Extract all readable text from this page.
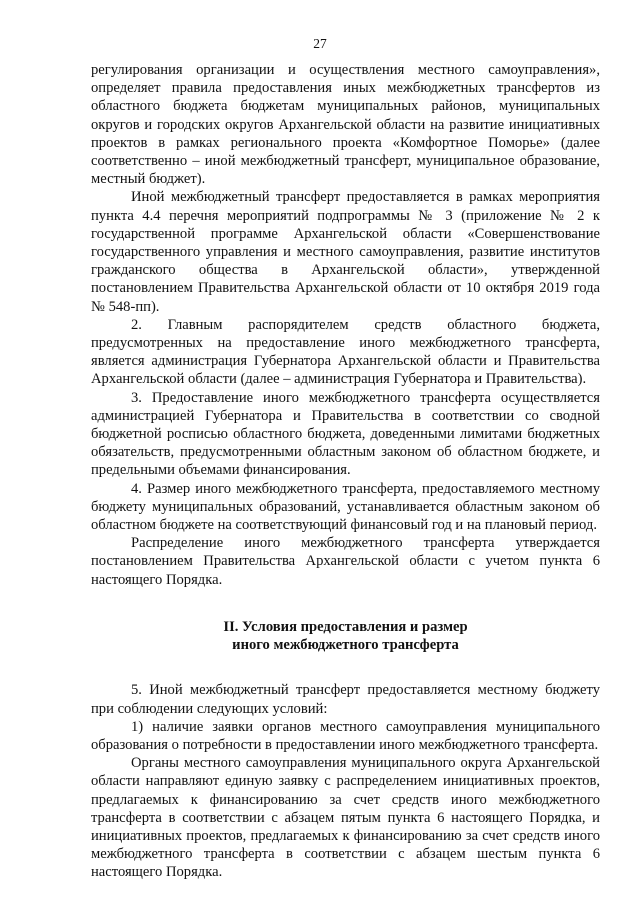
27

регулирования организации и осуществления местного самоуправления», определяет правила предоставления иных межбюджетных трансфертов из областного бюджета бюджетам муниципальных районов, муниципальных округов и городских округов Архангельской области на развитие инициативных проектов в рамках регионального проекта «Комфортное Поморье» (далее соответственно – иной межбюджетный трансферт, муниципальное образование, местный бюджет).

Иной межбюджетный трансферт предоставляется в рамках мероприятия пункта 4.4 перечня мероприятий подпрограммы № 3 (приложение № 2 к государственной программе Архангельской области «Совершенствование государственного управления и местного самоуправления, развитие институтов гражданского общества в Архангельской области», утвержденной постановлением Правительства Архангельской области от 10 октября 2019 года № 548-пп).

2. Главным распорядителем средств областного бюджета, предусмотренных на предоставление иного межбюджетного трансферта, является администрация Губернатора Архангельской области и Правительства Архангельской области (далее – администрация Губернатора и Правительства).

3. Предоставление иного межбюджетного трансферта осуществляется администрацией Губернатора и Правительства в соответствии со сводной бюджетной росписью областного бюджета, доведенными лимитами бюджетных обязательств, предусмотренными областным законом об областном бюджете, и предельными объемами финансирования.

4. Размер иного межбюджетного трансферта, предоставляемого местному бюджету муниципальных образований, устанавливается областным законом об областном бюджете на соответствующий финансовый год и на плановый период.

Распределение иного межбюджетного трансферта утверждается постановлением Правительства Архангельской области с учетом пункта 6 настоящего Порядка.

II. Условия предоставления и размер
иного межбюджетного трансферта

5. Иной межбюджетный трансферт предоставляется местному бюджету при соблюдении следующих условий:

1) наличие заявки органов местного самоуправления муниципального образования о потребности в предоставлении иного межбюджетного трансферта.

Органы местного самоуправления муниципального округа Архангельской области направляют единую заявку с распределением инициативных проектов, предлагаемых к финансированию за счет средств иного межбюджетного трансферта в соответствии с абзацем пятым пункта 6 настоящего Порядка, и инициативных проектов, предлагаемых к финансированию за счет средств иного межбюджетного трансферта в соответствии с абзацем шестым пункта 6 настоящего Порядка.
